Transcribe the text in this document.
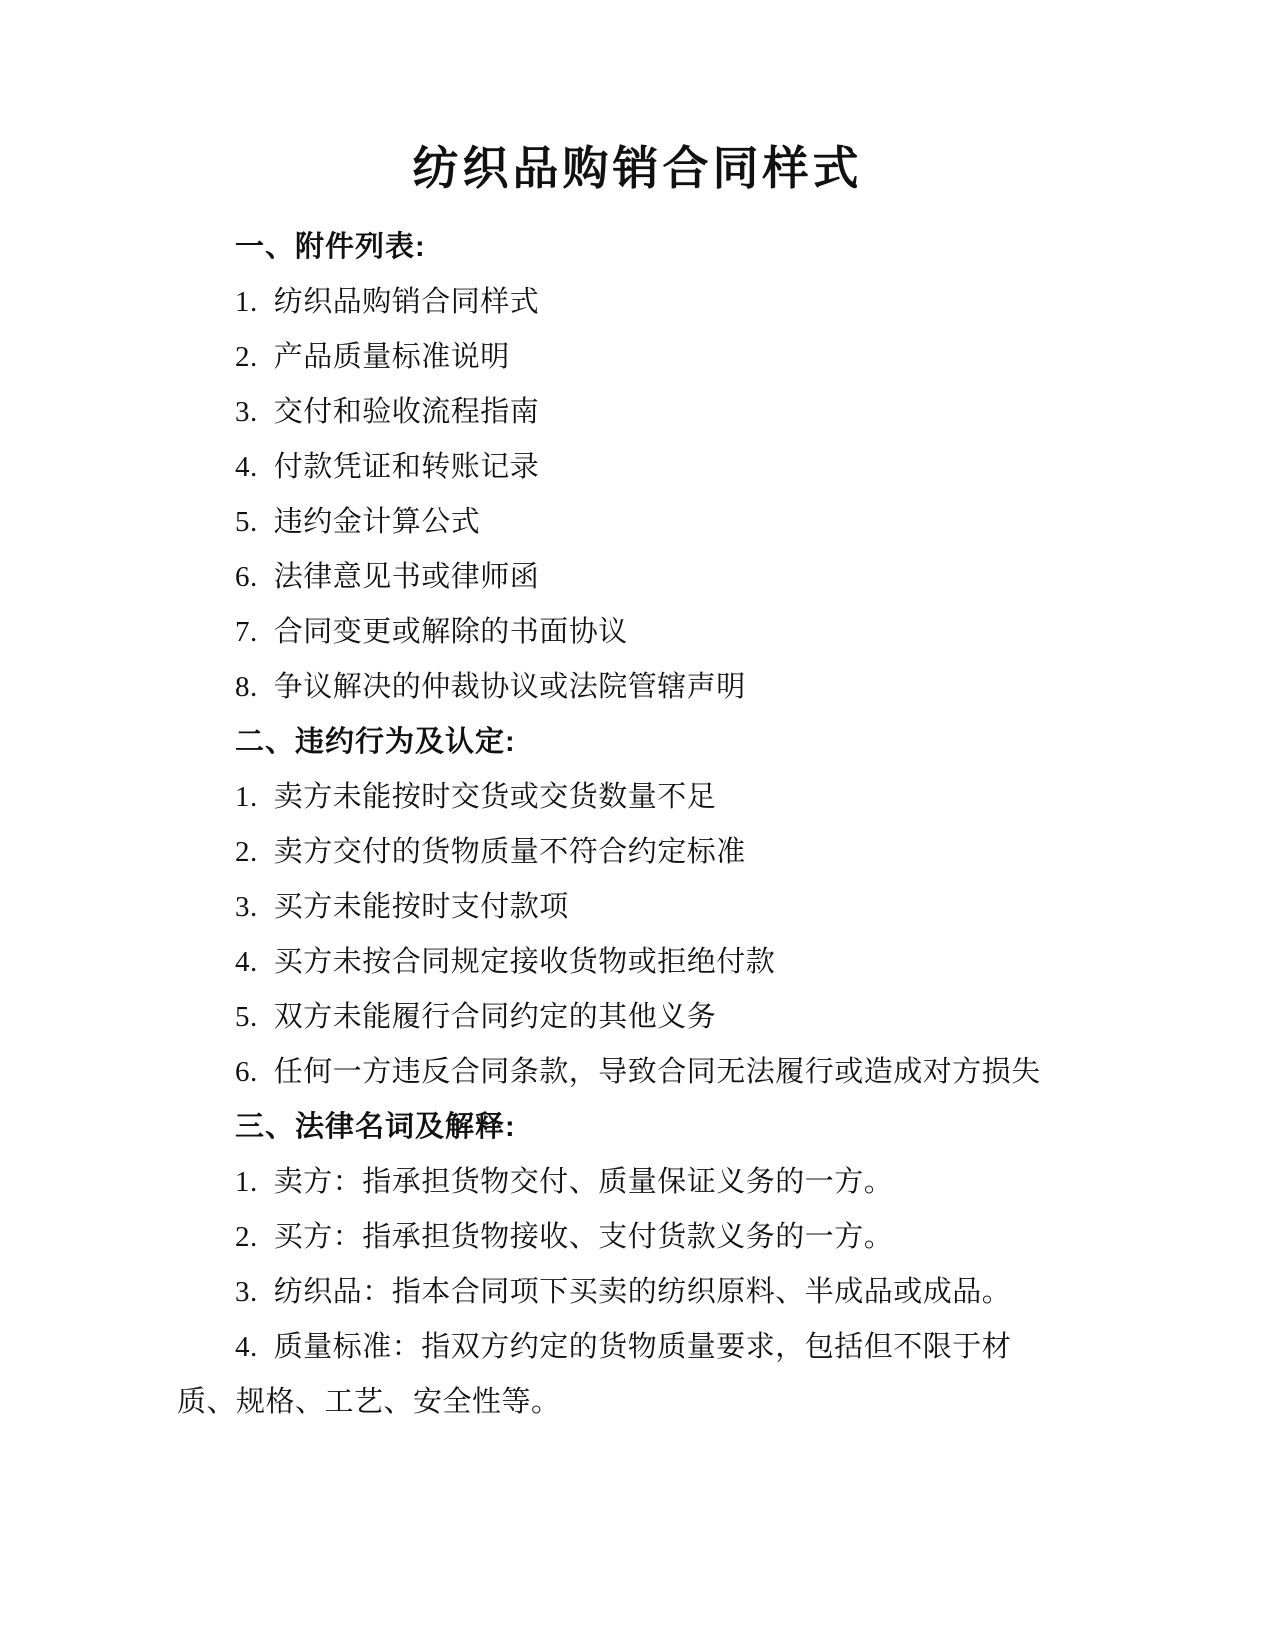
纺织品购销合同样式
一、附件列表:

1. 纺织品购销合同样式

2. 产品质量标准说明

3. 交付和验收流程指南

4. 付款凭证和转账记录

5. 违约金计算公式

6. 法律意见书或律师函

7. 合同变更或解除的书面协议

8. 争议解决的仲裁协议或法院管辖声明

二、违约行为及认定:

1. 卖方未能按时交货或交货数量不足

2. 卖方交付的货物质量不符合约定标准

3. 买方未能按时支付款项

4. 买方未按合同规定接收货物或拒绝付款

5. 双方未能履行合同约定的其他义务

6. 任何一方违反合同条款，导致合同无法履行或造成对方损失

三、法律名词及解释:

1. 卖方：指承担货物交付、质量保证义务的一方。

2. 买方：指承担货物接收、支付货款义务的一方。

3. 纺织品：指本合同项下买卖的纺织原料、半成品或成品。

4. 质量标准：指双方约定的货物质量要求，包括但不限于材质、规格、工艺、安全性等。
